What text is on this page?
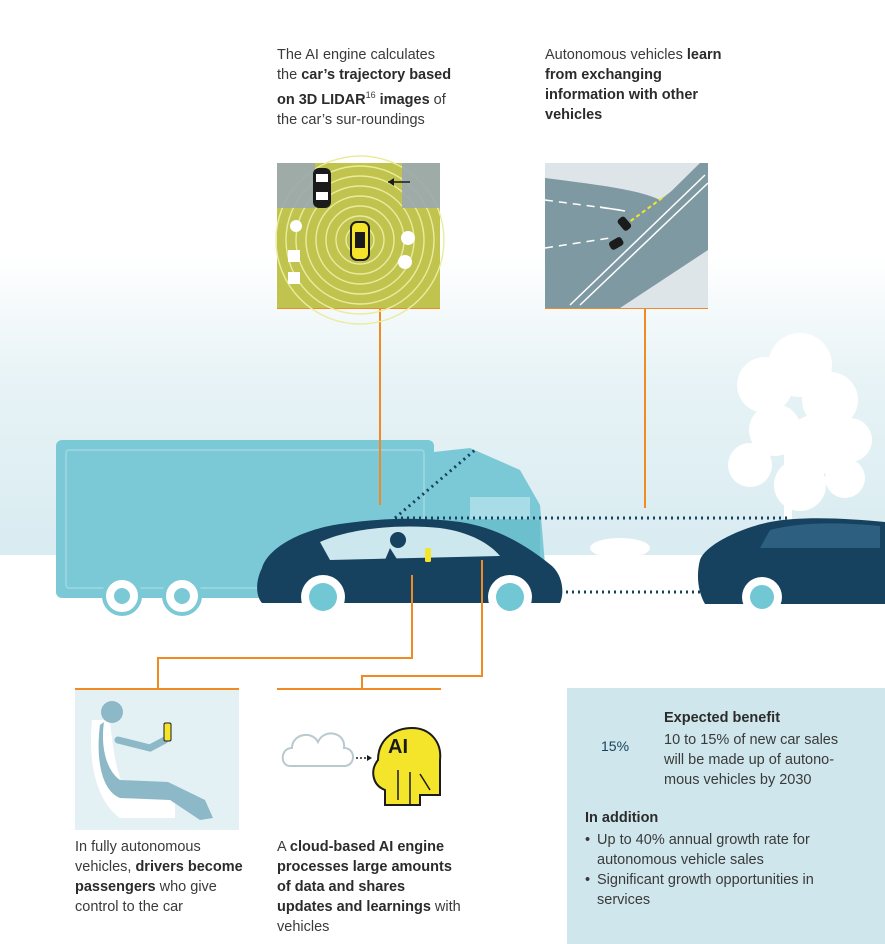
The AI engine calculates the car’s trajectory based on 3D LIDAR$^{16}$ images of the car’s sur-roundings
Autonomous vehicles learn from exchanging information with other vehicles
In fully autonomous vehicles, drivers become passengers who give control to the car
A cloud-based AI engine processes large amounts of data and shares updates and learnings with vehicles
AI	15%
Expected benefit
10 to 15% of new car sales will be made up of autono-mous vehicles by 2030
In addition
• Up to 40% annual growth rate for autonomous vehicle sales
• Significant growth opportunities in services
